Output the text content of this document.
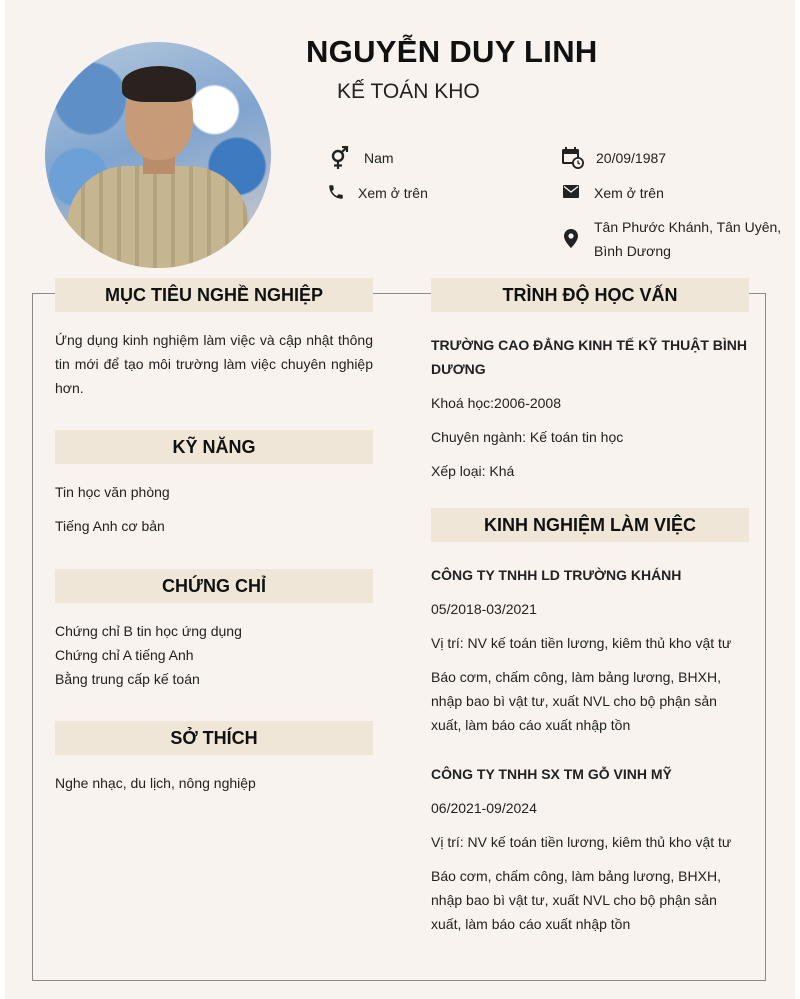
NGUYỄN DUY LINH

KẾ TOÁN KHO

Nam	20/09/1987
Xem ở trên	Xem ở trên
Tân Phước Khánh, Tân Uyên,
Bình Dương
MỤC TIÊU NGHỀ NGHIỆP
Ứng dụng kinh nghiệm làm việc và cập nhật thông tin mới để tạo môi trường làm việc chuyên nghiệp hơn.
KỸ NĂNG
Tin học văn phòng
Tiếng Anh cơ bản
CHỨNG CHỈ
Chứng chỉ B tin học ứng dụng
Chứng chỉ A tiếng Anh
Bằng trung cấp kế toán
SỞ THÍCH
Nghe nhạc, du lịch, nông nghiệp
TRÌNH ĐỘ HỌC VẤN
TRƯỜNG CAO ĐẲNG KINH TẾ KỸ THUẬT BÌNH
DƯƠNG
Khoá học:2006-2008
Chuyên ngành: Kế toán tin học
Xếp loại: Khá
KINH NGHIỆM LÀM VIỆC
CÔNG TY TNHH LD TRƯỜNG KHÁNH
05/2018-03/2021
Vị trí: NV kế toán tiền lương, kiêm thủ kho vật tư
Báo cơm, chấm công, làm bảng lương, BHXH, nhập bao bì vật tư, xuất NVL cho bộ phận sản xuất, làm báo cáo xuất nhập tồn
CÔNG TY TNHH SX TM GỖ VINH MỸ
06/2021-09/2024
Vị trí: NV kế toán tiền lương, kiêm thủ kho vật tư
Báo cơm, chấm công, làm bảng lương, BHXH, nhập bao bì vật tư, xuất NVL cho bộ phận sản xuất, làm báo cáo xuất nhập tồn
